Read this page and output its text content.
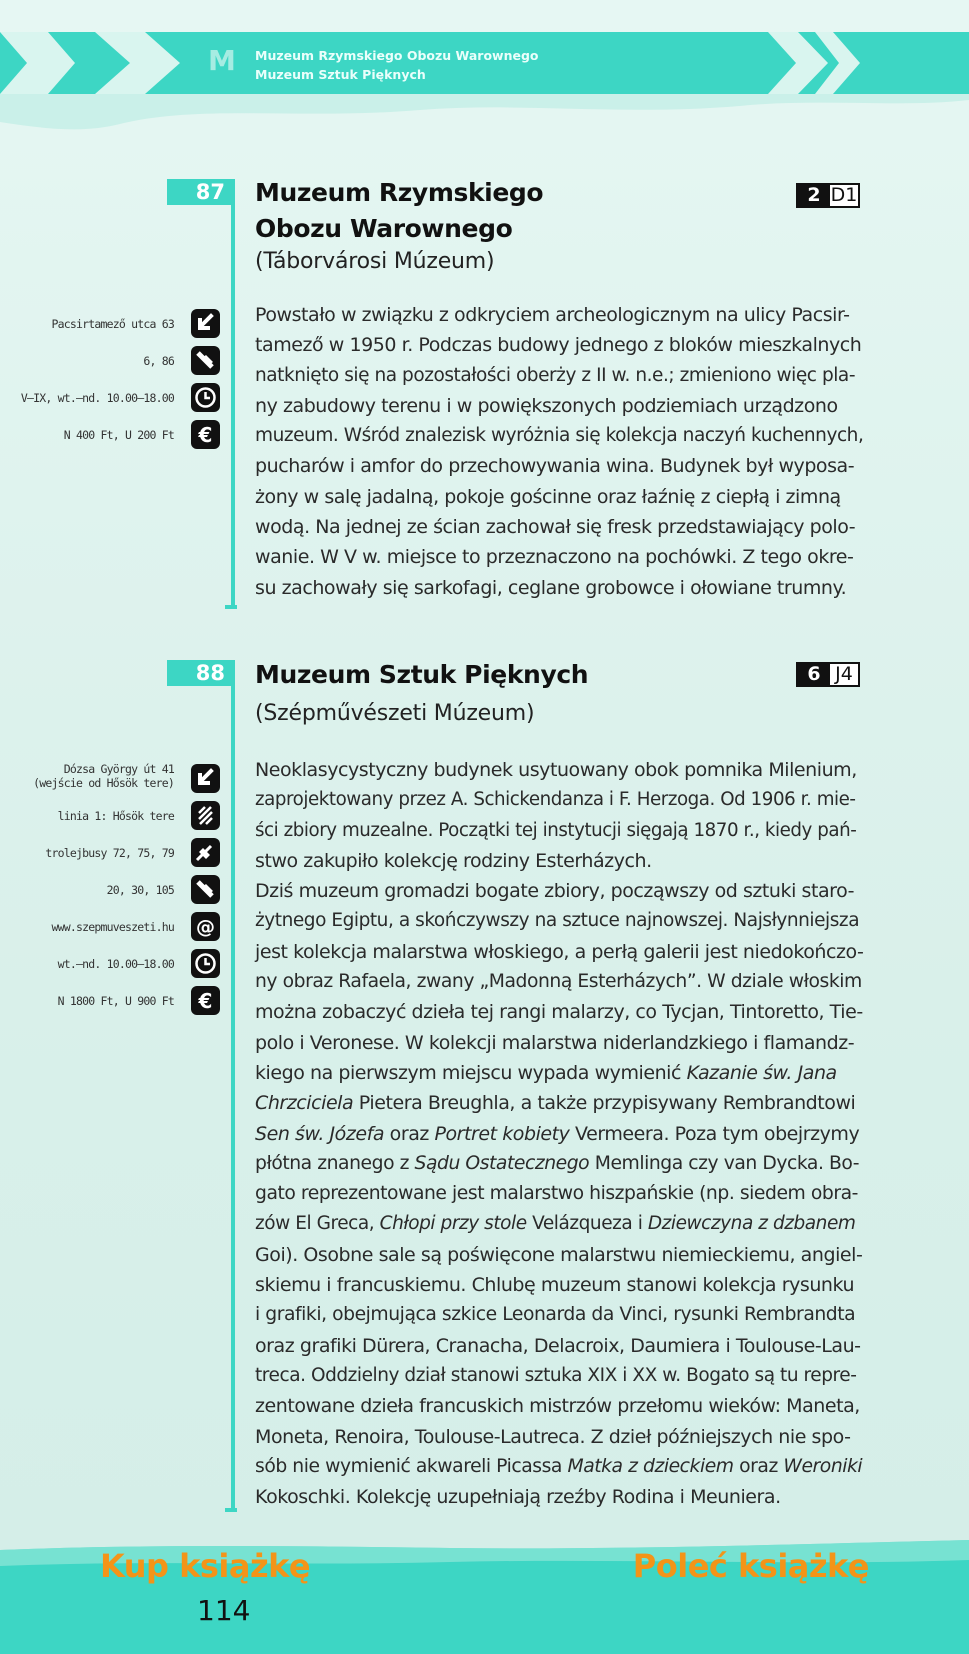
M Muzeum Rzymskiego Obozu Warownego
Muzeum Sztuk Pięknych
87	Muzeum Rzymskiego
Obozu Warownego
(Táborvárosi Múzeum)
2 D1
Pacsirtamező utca 63
6, 86
V–IX, wt.–nd. 10.00–18.00
N 400 Ft, U 200 Ft €
Powstało w związku z odkryciem archeologicznym na ulicy Pacsir-
tamező w 1950 r. Podczas budowy jednego z bloków mieszkalnych
natknięto się na pozostałości oberży z II w. n.e.; zmieniono więc pla-
ny zabudowy terenu i w powiększonych podziemiach urządzono
muzeum. Wśród znalezisk wyróżnia się kolekcja naczyń kuchennych,
pucharów i amfor do przechowywania wina. Budynek był wyposa-
żony w salę jadalną, pokoje gościnne oraz łaźnię z ciepłą i zimną
wodą. Na jednej ze ścian zachował się fresk przedstawiający polo-
wanie. W V w. miejsce to przeznaczono na pochówki. Z tego okre-
su zachowały się sarkofagi, ceglane grobowce i ołowiane trumny.
88	Muzeum Sztuk Pięknych
(Szépművészeti Múzeum)
6 J4
Dózsa György út 41
(wejście od Hősök tere)
linia 1: Hősök tere
trolejbusy 72, 75, 79
20, 30, 105
www.szepmuveszeti.hu @
wt.–nd. 10.00–18.00
N 1800 Ft, U 900 Ft €
Neoklasycystyczny budynek usytuowany obok pomnika Milenium,
zaprojektowany przez A. Schickendanza i F. Herzoga. Od 1906 r. mie-
ści zbiory muzealne. Początki tej instytucji sięgają 1870 r., kiedy pań-
stwo zakupiło kolekcję rodziny Esterházych.
Dziś muzeum gromadzi bogate zbiory, począwszy od sztuki staro-
żytnego Egiptu, a skończywszy na sztuce najnowszej. Najsłynniejsza
jest kolekcja malarstwa włoskiego, a perłą galerii jest niedokończo-
ny obraz Rafaela, zwany „Madonną Esterházych”. W dziale włoskim
można zobaczyć dzieła tej rangi malarzy, co Tycjan, Tintoretto, Tie-
polo i Veronese. W kolekcji malarstwa niderlandzkiego i flamandz-
kiego na pierwszym miejscu wypada wymienić Kazanie św. Jana
Chrzciciela Pietera Breughla, a także przypisywany Rembrandtowi
Sen św. Józefa oraz Portret kobiety Vermeera. Poza tym obejrzymy
płótna znanego z Sądu Ostatecznego Memlinga czy van Dycka. Bo-
gato reprezentowane jest malarstwo hiszpańskie (np. siedem obra-
zów El Greca, Chłopi przy stole Velázqueza i Dziewczyna z dzbanem
Goi). Osobne sale są poświęcone malarstwu niemieckiemu, angiel-
skiemu i francuskiemu. Chlubę muzeum stanowi kolekcja rysunku
i grafiki, obejmująca szkice Leonarda da Vinci, rysunki Rembrandta
oraz grafiki Dürera, Cranacha, Delacroix, Daumiera i Toulouse-Lau-
treca. Oddzielny dział stanowi sztuka XIX i XX w. Bogato są tu repre-
zentowane dzieła francuskich mistrzów przełomu wieków: Maneta,
Moneta, Renoira, Toulouse-Lautreca. Z dzieł późniejszych nie spo-
sób nie wymienić akwareli Picassa Matka z dzieckiem oraz Weroniki
Kokoschki. Kolekcję uzupełniają rzeźby Rodina i Meuniera.
Kup książkę	Poleć książkę
114
